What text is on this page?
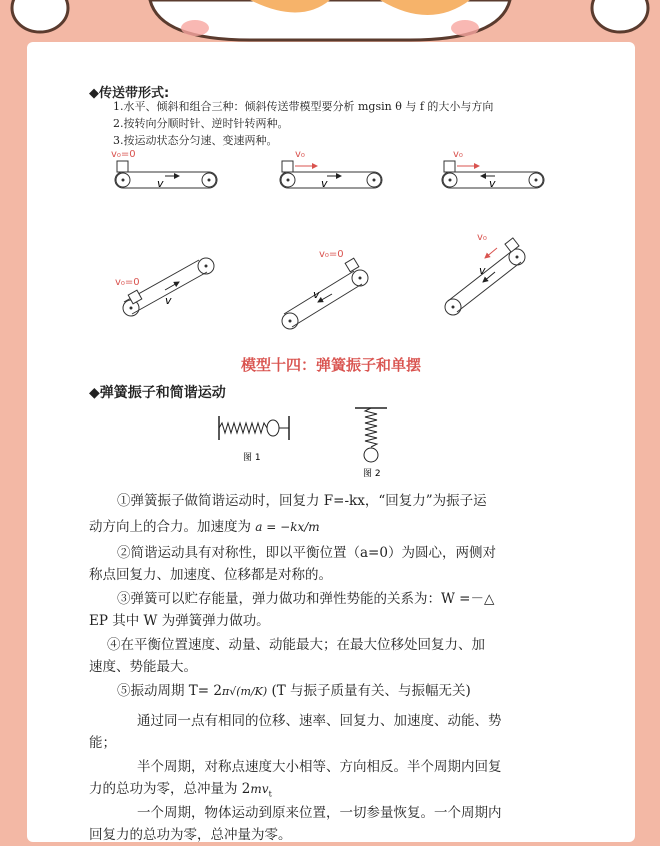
◆传送带形式:
1.水平、倾斜和组合三种：倾斜传送带模型要分析 mgsin θ 与 f 的大小与方向
2.按转向分顺时针、逆时针转两种。
3.按运动状态分匀速、变速两种。
v₀=0
v
v₀
v
v₀
v
v₀=0
v
v₀=0
v
v₀
v
模型十四：弹簧振子和单摆
◆弹簧振子和简谐运动
图 1
图 2
①弹簧振子做简谐运动时，回复力 F=-kx，“回复力”为振子运
动方向上的合力。加速度为 a = −kx/m
②简谐运动具有对称性，即以平衡位置（a=0）为圆心，两侧对
称点回复力、加速度、位移都是对称的。
③弹簧可以贮存能量，弹力做功和弹性势能的关系为：W =－△
EP 其中 W 为弹簧弹力做功。
④在平衡位置速度、动量、动能最大；在最大位移处回复力、加
速度、势能最大。
⑤振动周期 T= 2π√(m/K) (T 与振子质量有关、与振幅无关)
通过同一点有相同的位移、速率、回复力、加速度、动能、势
能；
半个周期，对称点速度大小相等、方向相反。半个周期内回复
力的总功为零，总冲量为 $2mv_t$
一个周期，物体运动到原来位置，一切参量恢复。一个周期内
回复力的总功为零，总冲量为零。
